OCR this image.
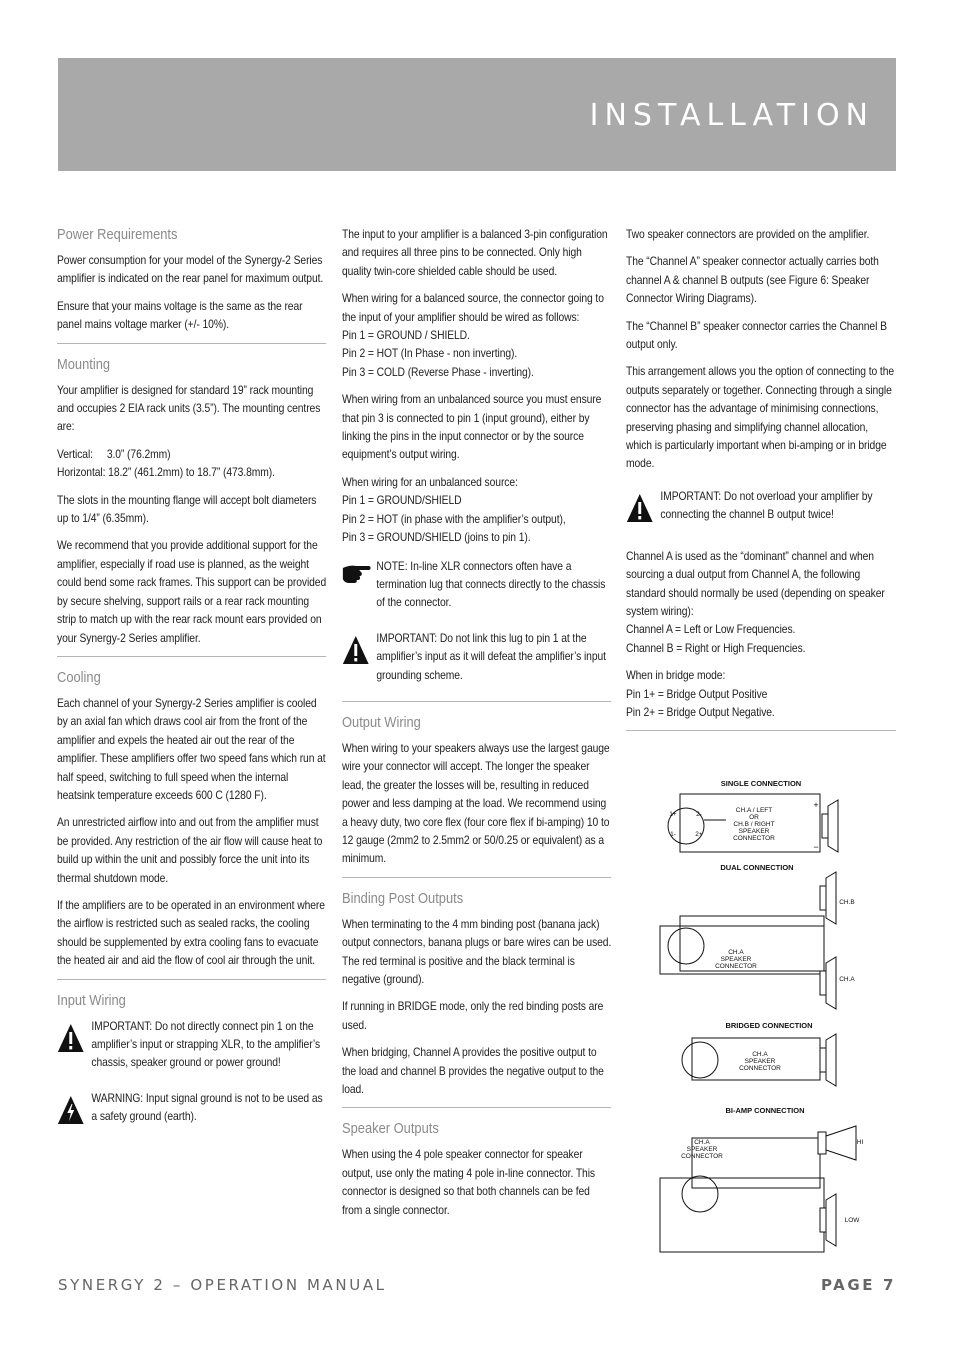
INSTALLATION
Power Requirements

Power consumption for your model of the Synergy-2 Series amplifier is indicated on the rear panel for maximum output.

Ensure that your mains voltage is the same as the rear panel mains voltage marker (+/- 10%).

Mounting

Your amplifier is designed for standard 19” rack mounting and occupies 2 EIA rack units (3.5”). The mounting centres are:

Vertical:     3.0” (76.2mm)
Horizontal: 18.2” (461.2mm) to 18.7” (473.8mm).

The slots in the mounting flange will accept bolt diameters up to 1/4” (6.35mm).

We recommend that you provide additional support for the amplifier, especially if road use is planned, as the weight could bend some rack frames. This support can be provided by secure shelving, support rails or a rear rack mounting strip to match up with the rear rack mount ears provided on your Synergy-2 Series amplifier.

Cooling

Each channel of your Synergy-2 Series amplifier is cooled by an axial fan which draws cool air from the front of the amplifier and expels the heated air out the rear of the amplifier. These amplifiers offer two speed fans which run at half speed, switching to full speed when the internal heatsink temperature exceeds 600 C (1280 F).

An unrestricted airflow into and out from the amplifier must be provided. Any restriction of the air flow will cause heat to build up within the unit and possibly force the unit into its thermal shutdown mode.

If the amplifiers are to be operated in an environment where the airflow is restricted such as sealed racks, the cooling should be supplemented by extra cooling fans to evacuate the heated air and aid the flow of cool air through the unit.

Input Wiring

IMPORTANT: Do not directly connect pin 1 on the amplifier’s input or strapping XLR, to the amplifier’s chassis, speaker ground or power ground!

WARNING: Input signal ground is not to be used as a safety ground (earth).

The input to your amplifier is a balanced 3-pin configuration and requires all three pins to be connected. Only high quality twin-core shielded cable should be used.

When wiring for a balanced source, the connector going to the input of your amplifier should be wired as follows:

Pin 1 = GROUND / SHIELD.
Pin 2 = HOT (In Phase - non inverting).
Pin 3 = COLD (Reverse Phase - inverting).

When wiring from an unbalanced source you must ensure that pin 3 is connected to pin 1 (input ground), either by linking the pins in the input connector or by the source equipment’s output wiring.

When wiring for an unbalanced source:
Pin 1 = GROUND/SHIELD
Pin 2 = HOT (in phase with the amplifier’s output),
Pin 3 = GROUND/SHIELD (joins to pin 1).

NOTE: In-line XLR connectors often have a termination lug that connects directly to the chassis of the connector.

IMPORTANT: Do not link this lug to pin 1 at the amplifier’s input as it will defeat the amplifier’s input grounding scheme.

Output Wiring

When wiring to your speakers always use the largest gauge wire your connector will accept. The longer the speaker lead, the greater the losses will be, resulting in reduced power and less damping at the load. We recommend using a heavy duty, two core flex (four core flex if bi-amping) 10 to 12 gauge (2mm2 to 2.5mm2 or 50/0.25 or equivalent) as a minimum.

Binding Post Outputs

When terminating to the 4 mm binding post (banana jack) output connectors, banana plugs or bare wires can be used. The red terminal is positive and the black terminal is negative (ground).

If running in BRIDGE mode, only the red binding posts are used.

When bridging, Channel A provides the positive output to the load and channel B provides the negative output to the load.

Speaker Outputs

When using the 4 pole speaker connector for speaker output, use only the mating 4 pole in-line connector. This connector is designed so that both channels can be fed from a single connector.

Two speaker connectors are provided on the amplifier.

The “Channel A” speaker connector actually carries both channel A & channel B outputs (see Figure 6: Speaker Connector Wiring Diagrams).

The “Channel B” speaker connector carries the Channel B output only.

This arrangement allows you the option of connecting to the outputs separately or together. Connecting through a single connector has the advantage of minimising connections, preserving phasing and simplifying channel allocation, which is particularly important when bi-amping or in bridge mode.

IMPORTANT: Do not overload your amplifier by connecting the channel B output twice!

Channel A is used as the “dominant” channel and when sourcing a dual output from Channel A, the following standard should normally be used (depending on speaker system wiring):
Channel A = Left or Low Frequencies.
Channel B = Right or High Frequencies.

When in bridge mode:
Pin 1+ = Bridge Output Positive
Pin 2+ = Bridge Output Negative.

SINGLE CONNECTION
CH.A / LEFT
OR
CH.B / RIGHT
SPEAKER
CONNECTOR
DUAL CONNECTION
CH.A
SPEAKER
CONNECTOR
CH.B
CH.A
BRIDGED CONNECTION
CH.A
SPEAKER
CONNECTOR
BI-AMP CONNECTION
CH.A
SPEAKER
CONNECTOR
HI
LOW
1+
1-	2+
2-
+
−
SYNERGY 2 – OPERATION MANUAL	PAGE 7
